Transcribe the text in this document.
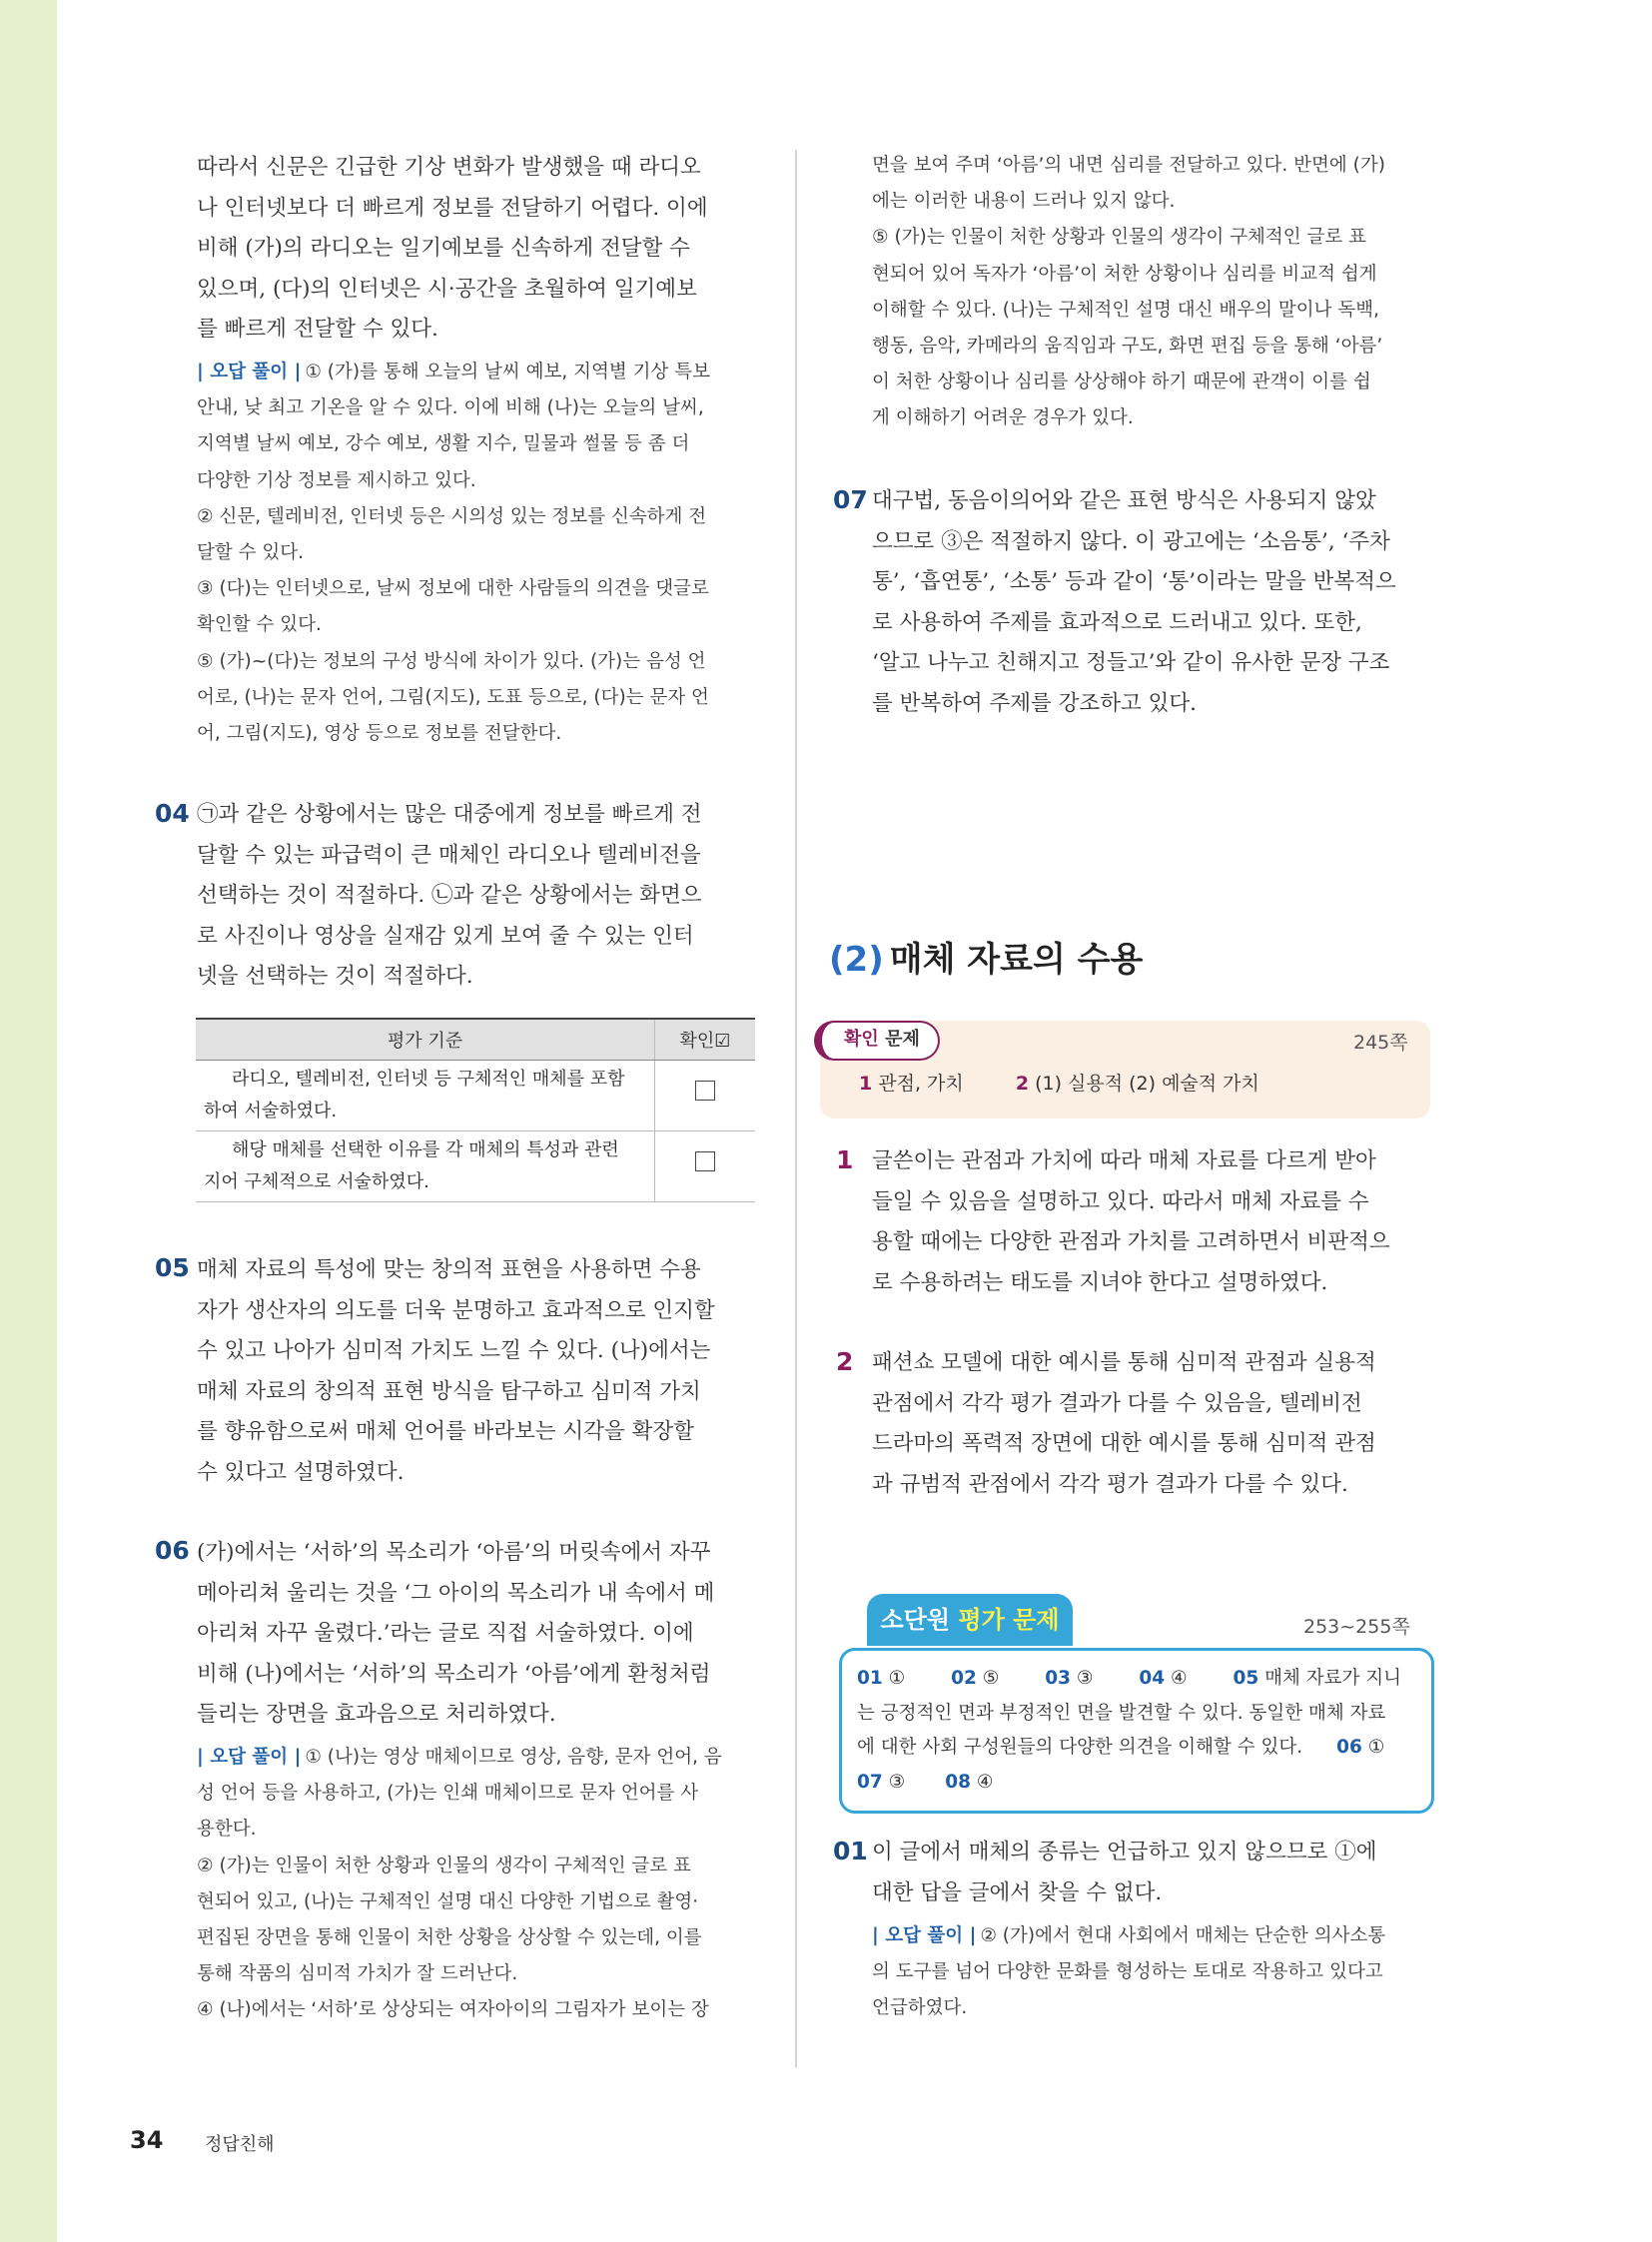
따라서 신문은 긴급한 기상 변화가 발생했을 때 라디오
나 인터넷보다 더 빠르게 정보를 전달하기 어렵다. 이에
비해 (가)의 라디오는 일기예보를 신속하게 전달할 수
있으며, (다)의 인터넷은 시·공간을 초월하여 일기예보
를 빠르게 전달할 수 있다.
| 오답 풀이 | ① (가)를 통해 오늘의 날씨 예보, 지역별 기상 특보
안내, 낮 최고 기온을 알 수 있다. 이에 비해 (나)는 오늘의 날씨,
지역별 날씨 예보, 강수 예보, 생활 지수, 밀물과 썰물 등 좀 더
다양한 기상 정보를 제시하고 있다.
② 신문, 텔레비전, 인터넷 등은 시의성 있는 정보를 신속하게 전
달할 수 있다.
③ (다)는 인터넷으로, 날씨 정보에 대한 사람들의 의견을 댓글로
확인할 수 있다.
⑤ (가)~(다)는 정보의 구성 방식에 차이가 있다. (가)는 음성 언
어로, (나)는 문자 언어, 그림(지도), 도표 등으로, (다)는 문자 언
어, 그림(지도), 영상 등으로 정보를 전달한다.
04 ㉠과 같은 상황에서는 많은 대중에게 정보를 빠르게 전
달할 수 있는 파급력이 큰 매체인 라디오나 텔레비전을
선택하는 것이 적절하다. ㉡과 같은 상황에서는 화면으
로 사진이나 영상을 실재감 있게 보여 줄 수 있는 인터
넷을 선택하는 것이 적절하다.
평가 기준	확인☑

라디오, 텔레비전, 인터넷 등 구체적인 매체를 포함
하여 서술하였다.	

해당 매체를 선택한 이유를 각 매체의 특성과 관련
지어 구체적으로 서술하였다.	

05 매체 자료의 특성에 맞는 창의적 표현을 사용하면 수용
자가 생산자의 의도를 더욱 분명하고 효과적으로 인지할
수 있고 나아가 심미적 가치도 느낄 수 있다. (나)에서는
매체 자료의 창의적 표현 방식을 탐구하고 심미적 가치
를 향유함으로써 매체 언어를 바라보는 시각을 확장할
수 있다고 설명하였다.
06 (가)에서는 ‘서하’의 목소리가 ‘아름’의 머릿속에서 자꾸
메아리쳐 울리는 것을 ‘그 아이의 목소리가 내 속에서 메
아리쳐 자꾸 울렸다.’라는 글로 직접 서술하였다. 이에
비해 (나)에서는 ‘서하’의 목소리가 ‘아름’에게 환청처럼
들리는 장면을 효과음으로 처리하였다.
| 오답 풀이 | ① (나)는 영상 매체이므로 영상, 음향, 문자 언어, 음
성 언어 등을 사용하고, (가)는 인쇄 매체이므로 문자 언어를 사
용한다.
② (가)는 인물이 처한 상황과 인물의 생각이 구체적인 글로 표
현되어 있고, (나)는 구체적인 설명 대신 다양한 기법으로 촬영·
편집된 장면을 통해 인물이 처한 상황을 상상할 수 있는데, 이를
통해 작품의 심미적 가치가 잘 드러난다.
④ (나)에서는 ‘서하’로 상상되는 여자아이의 그림자가 보이는 장
면을 보여 주며 ‘아름’의 내면 심리를 전달하고 있다. 반면에 (가)
에는 이러한 내용이 드러나 있지 않다.
⑤ (가)는 인물이 처한 상황과 인물의 생각이 구체적인 글로 표
현되어 있어 독자가 ‘아름’이 처한 상황이나 심리를 비교적 쉽게
이해할 수 있다. (나)는 구체적인 설명 대신 배우의 말이나 독백,
행동, 음악, 카메라의 움직임과 구도, 화면 편집 등을 통해 ‘아름’
이 처한 상황이나 심리를 상상해야 하기 때문에 관객이 이를 쉽
게 이해하기 어려운 경우가 있다.
07 대구법, 동음이의어와 같은 표현 방식은 사용되지 않았
으므로 ③은 적절하지 않다. 이 광고에는 ‘소음통’, ‘주차
통’, ‘흡연통’, ‘소통’ 등과 같이 ‘통’이라는 말을 반복적으
로 사용하여 주제를 효과적으로 드러내고 있다. 또한,
‘알고 나누고 친해지고 정들고’와 같이 유사한 문장 구조
를 반복하여 주제를 강조하고 있다.
(2) 매체 자료의 수용
확인 문제	245쪽
1 관점, 가치	2 (1) 실용적 (2) 예술적 가치
1 글쓴이는 관점과 가치에 따라 매체 자료를 다르게 받아
들일 수 있음을 설명하고 있다. 따라서 매체 자료를 수
용할 때에는 다양한 관점과 가치를 고려하면서 비판적으
로 수용하려는 태도를 지녀야 한다고 설명하였다.
2 패션쇼 모델에 대한 예시를 통해 심미적 관점과 실용적
관점에서 각각 평가 결과가 다를 수 있음을, 텔레비전
드라마의 폭력적 장면에 대한 예시를 통해 심미적 관점
과 규범적 관점에서 각각 평가 결과가 다를 수 있다.
소단원 평가 문제	253~255쪽
01 ① 02 ⑤ 03 ③ 04 ④ 05 매체 자료가 지니
는 긍정적인 면과 부정적인 면을 발견할 수 있다. 동일한 매체 자료
에 대한 사회 구성원들의 다양한 의견을 이해할 수 있다. 06 ①
07 ③ 08 ④
01 이 글에서 매체의 종류는 언급하고 있지 않으므로 ①에
대한 답을 글에서 찾을 수 없다.
| 오답 풀이 | ② (가)에서 현대 사회에서 매체는 단순한 의사소통
의 도구를 넘어 다양한 문화를 형성하는 토대로 작용하고 있다고
언급하였다.
34 정답친해
